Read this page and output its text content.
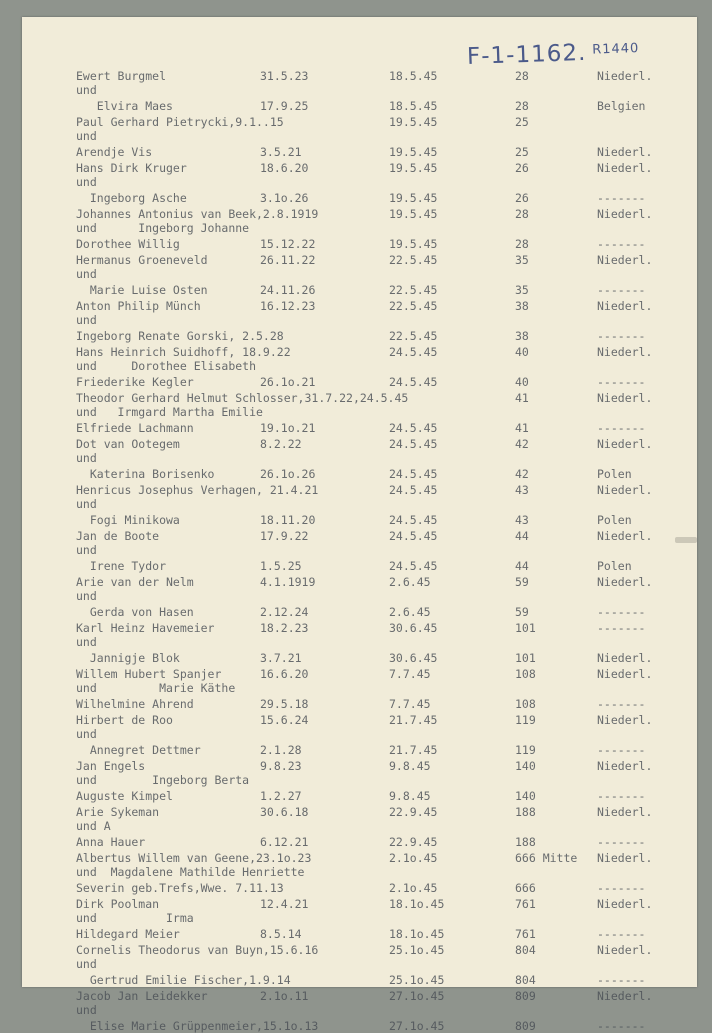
F-1-1162. $^{R1440}$
Ewert Burgmel	31.5.23	18.5.45	28	Niederl.
und
Elvira Maes	17.9.25	18.5.45	28	Belgien
Paul Gerhard Pietrycki,9.1..15	19.5.45	25
und
Arendje Vis	3.5.21	19.5.45	25	Niederl.
Hans Dirk Kruger	18.6.20	19.5.45	26	Niederl.
und
Ingeborg Asche	3.1o.26	19.5.45	26	-------
Johannes Antonius van Beek,2.8.1919	19.5.45	28	Niederl.
und      Ingeborg Johanne
Dorothee Willig	15.12.22	19.5.45	28	-------
Hermanus Groeneveld	26.11.22	22.5.45	35	Niederl.
und
Marie Luise Osten	24.11.26	22.5.45	35	-------
Anton Philip Münch	16.12.23	22.5.45	38	Niederl.
und
Ingeborg Renate Gorski, 2.5.28	22.5.45	38	-------
Hans Heinrich Suidhoff, 18.9.22	24.5.45	40	Niederl.
und     Dorothee Elisabeth
Friederike Kegler	26.1o.21	24.5.45	40	-------
Theodor Gerhard Helmut Schlosser,31.7.22,24.5.45	41	Niederl.
und   Irmgard Martha Emilie
Elfriede Lachmann	19.1o.21	24.5.45	41	-------
Dot van Ootegem	8.2.22	24.5.45	42	Niederl.
und
Katerina Borisenko	26.1o.26	24.5.45	42	Polen
Henricus Josephus Verhagen, 21.4.21	24.5.45	43	Niederl.
und
Fogi Minikowa	18.11.20	24.5.45	43	Polen
Jan de Boote	17.9.22	24.5.45	44	Niederl.
und
Irene Tydor	1.5.25	24.5.45	44	Polen
Arie van der Nelm	4.1.1919	2.6.45	59	Niederl.
und
Gerda von Hasen	2.12.24	2.6.45	59	-------
Karl Heinz Havemeier	18.2.23	30.6.45	101	-------
und
Jannigje Blok	3.7.21	30.6.45	101	Niederl.
Willem Hubert Spanjer	16.6.20	7.7.45	108	Niederl.
und         Marie Käthe
Wilhelmine Ahrend	29.5.18	7.7.45	108	-------
Hirbert de Roo	15.6.24	21.7.45	119	Niederl.
und
Annegret Dettmer	2.1.28	21.7.45	119	-------
Jan Engels	9.8.23	9.8.45	140	Niederl.
und        Ingeborg Berta
Auguste Kimpel	1.2.27	9.8.45	140	-------
Arie Sykeman	30.6.18	22.9.45	188	Niederl.
und A
Anna Hauer	6.12.21	22.9.45	188	-------
Albertus Willem van Geene,23.1o.23	2.1o.45	666 Mitte Niederl.
und  Magdalene Mathilde Henriette
Severin geb.Trefs,Wwe. 7.11.13	2.1o.45	666	-------
Dirk Poolman	12.4.21	18.1o.45	761	Niederl.
und          Irma
Hildegard Meier	8.5.14	18.1o.45	761	-------
Cornelis Theodorus van Buyn,15.6.16	25.1o.45	804	Niederl.
und
Gertrud Emilie Fischer,1.9.14	25.1o.45	804	-------
Jacob Jan Leidekker	2.1o.11	27.1o.45	809	Niederl.
und
Elise Marie Grüppenmeier,15.1o.13	27.1o.45	809	-------
